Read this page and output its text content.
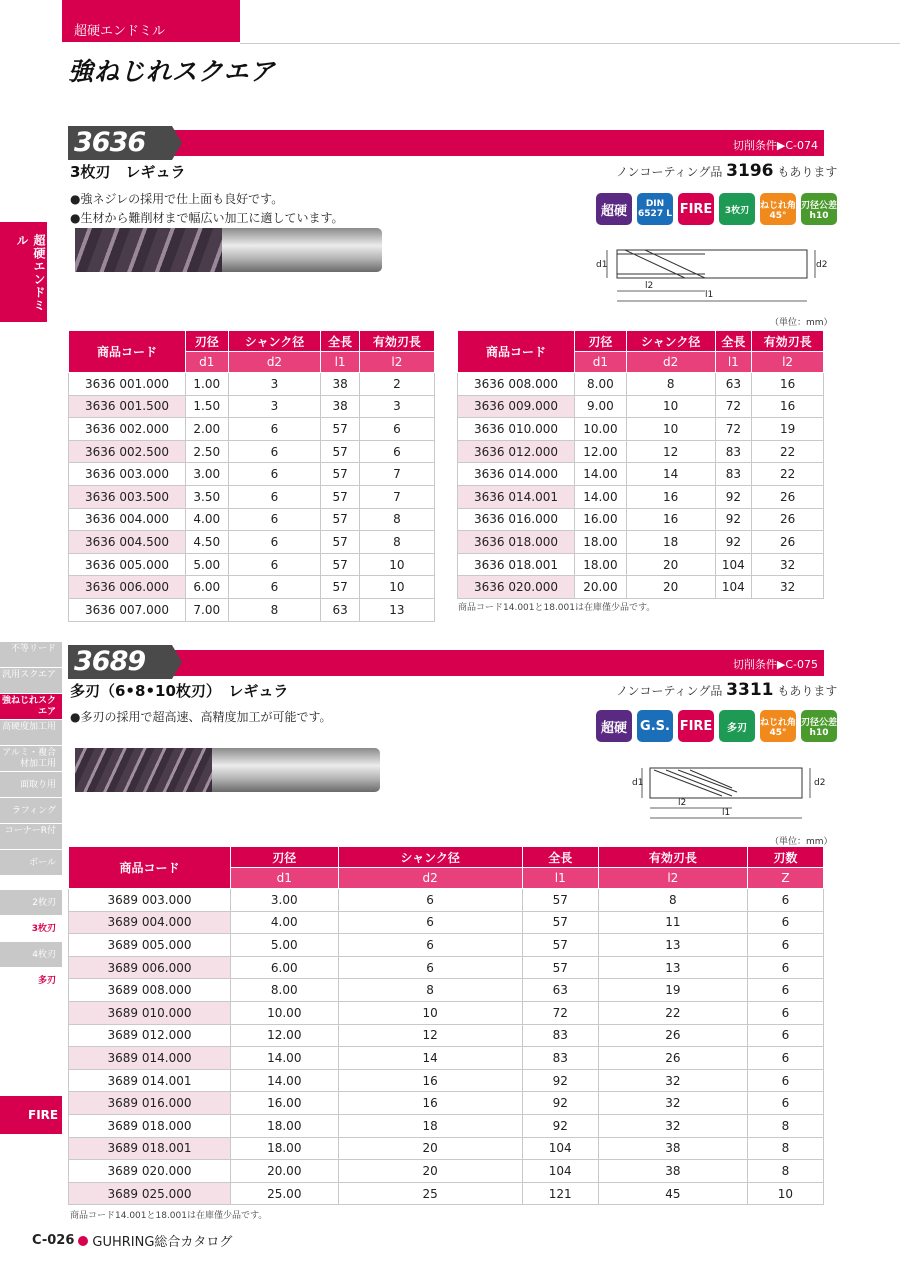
超硬エンドミル
強ねじれスクエア
超硬エンドミル
不等リード
汎用スクエア
強ねじれスクエア
高硬度加工用
アルミ・複合材加工用
面取り用
ラフィング
コーナーR付
ボール
2枚刃
3枚刃
4枚刃
多刃
FIRE
3636	切削条件▶C-074
3枚刃　レギュラ	ノンコーティング品 3196 もあります
●強ネジレの採用で仕上面も良好です。
●生材から難削材まで幅広い加工に適しています。	超硬	DIN 6527 L FIRE	3枚刃	ねじれ角 45°
刃径公差 h10
d1	d2
l2
l1
（単位：mm）
商品コード	刃径	シャンク径	全長	有効刃長
	d1	d2	l1	l2
3636 001.000	1.00	3	38	2
3636 001.500	1.50	3	38	3
3636 002.000	2.00	6	57	6
3636 002.500	2.50	6	57	6
3636 003.000	3.00	6	57	7
3636 003.500	3.50	6	57	7
3636 004.000	4.00	6	57	8
3636 004.500	4.50	6	57	8
3636 005.000	5.00	6	57	10
3636 006.000	6.00	6	57	10
3636 007.000	7.00	8	63	13
商品コード	刃径	シャンク径	全長	有効刃長
	d1	d2	l1	l2
3636 008.000	8.00	8	63	16
3636 009.000	9.00	10	72	16
3636 010.000	10.00	10	72	19
3636 012.000	12.00	12	83	22
3636 014.000	14.00	14	83	22
3636 014.001	14.00	16	92	26
3636 016.000	16.00	16	92	26
3636 018.000	18.00	18	92	26
3636 018.001	18.00	20	104	32
3636 020.000	20.00	20	104	32
商品コード14.001と18.001は在庫僅少品です。
3689	切削条件▶C-075
多刃（6•8•10枚刃）　レギュラ	ノンコーティング品 3311 もあります
●多刃の採用で超高速、高精度加工が可能です。
超硬	G.S. FIRE	多刃	ねじれ角 45°
刃径公差 h10
d1	d2
l2
l1
（単位：mm）
商品コード	刃径	シャンク径	全長	有効刃長	刃数
	d1	d2	l1	l2	Z
3689 003.000	3.00	6	57	8	6
3689 004.000	4.00	6	57	11	6
3689 005.000	5.00	6	57	13	6
3689 006.000	6.00	6	57	13	6
3689 008.000	8.00	8	63	19	6
3689 010.000	10.00	10	72	22	6
3689 012.000	12.00	12	83	26	6
3689 014.000	14.00	14	83	26	6
3689 014.001	14.00	16	92	32	6
3689 016.000	16.00	16	92	32	6
3689 018.000	18.00	18	92	32	8
3689 018.001	18.00	20	104	38	8
3689 020.000	20.00	20	104	38	8
3689 025.000	25.00	25	121	45	10
商品コード14.001と18.001は在庫僅少品です。
C-026 GUHRING総合カタログ
